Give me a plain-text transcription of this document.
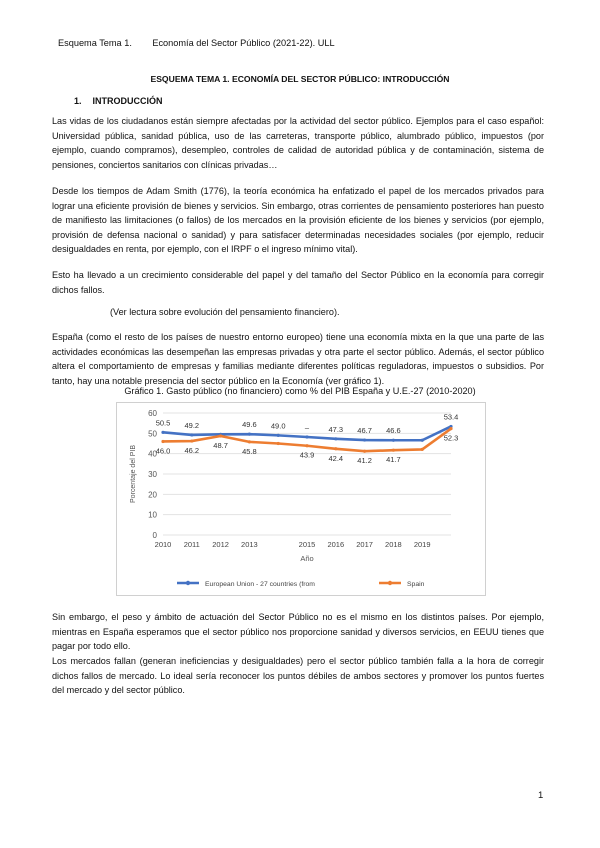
Esquema Tema 1. Economía del Sector Público (2021-22). ULL
ESQUEMA TEMA 1. ECONOMÍA DEL SECTOR PÚBLICO: INTRODUCCIÓN
1. INTRODUCCIÓN

Las vidas de los ciudadanos están siempre afectadas por la actividad del sector público. Ejemplos para el caso español: Universidad pública, sanidad pública, uso de las carreteras, transporte público, alumbrado público, impuestos (por ejemplo, cuando compramos), desempleo, controles de calidad de autoridad pública y de contaminación, sistema de pensiones, conciertos sanitarios con clínicas privadas…

Desde los tiempos de Adam Smith (1776), la teoría económica ha enfatizado el papel de los mercados privados para lograr una eficiente provisión de bienes y servicios. Sin embargo, otras corrientes de pensamiento posteriores han puesto de manifiesto las limitaciones (o fallos) de los mercados en la provisión eficiente de los bienes y servicios (por ejemplo, provisión de defensa nacional o sanidad) y para satisfacer determinadas necesidades sociales (por ejemplo, reducir desigualdades en renta, por ejemplo, con el IRPF o el ingreso mínimo vital).

Esto ha llevado a un crecimiento considerable del papel y del tamaño del Sector Público en la economía para corregir dichos fallos.

(Ver lectura sobre evolución del pensamiento financiero).

España (como el resto de los países de nuestro entorno europeo) tiene una economía mixta en la que una parte de las actividades económicas las desempeñan las empresas privadas y otra parte el sector público. Además, el sector público altera el comportamiento de empresas y familias mediante diferentes políticas reguladoras, impuestos o subsidios. Por tanto, hay una notable presencia del sector público en la Economía (ver gráfico 1).

Gráfico 1. Gasto público (no financiero) como % del PIB España y U.E.-27 (2010-2020)
0
10
20
30
40
50
60
2010 2011 2012 2013	2015 2016 2017 2018 2019
Año
Porcentaje del PIB
50.5 49.2	49.6 49.0	–	47.3 46.7 46.6
53.4
46.0 46.2
48.7
45.8	43.9 42.4 41.2 41.7
52.3
European Union - 27 countries (from	Spain

Sin embargo, el peso y ámbito de actuación del Sector Público no es el mismo en los distintos países. Por ejemplo, mientras en España esperamos que el sector público nos proporcione sanidad y diversos servicios, en EEUU tienes que pagar por todo ello.

Los mercados fallan (generan ineficiencias y desigualdades) pero el sector público también falla a la hora de corregir dichos fallos de mercado. Lo ideal sería reconocer los puntos débiles de ambos sectores y promover los puntos fuertes del mercado y del sector público.

1
